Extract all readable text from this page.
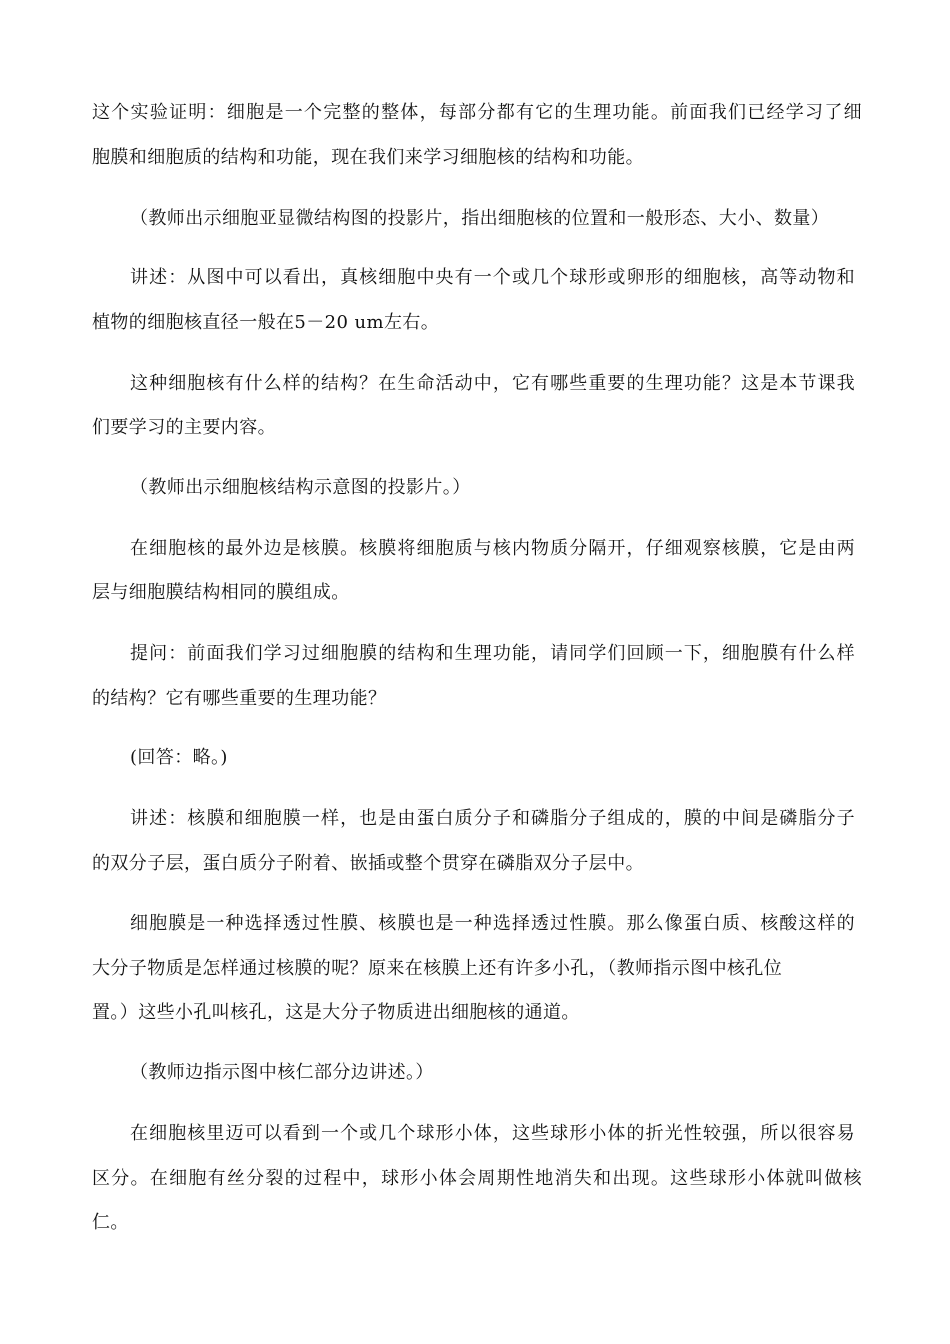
这个实验证明：细胞是一个完整的整体，每部分都有它的生理功能。前面我们已经学习了细
胞膜和细胞质的结构和功能，现在我们来学习细胞核的结构和功能。
（教师出示细胞亚显微结构图的投影片，指出细胞核的位置和一般形态、大小、数量）
讲述：从图中可以看出，真核细胞中央有一个或几个球形或卵形的细胞核，高等动物和
植物的细胞核直径一般在5－20 um左右。
这种细胞核有什么样的结构？在生命活动中，它有哪些重要的生理功能？这是本节课我
们要学习的主要内容。
（教师出示细胞核结构示意图的投影片。）
在细胞核的最外边是核膜。核膜将细胞质与核内物质分隔开，仔细观察核膜，它是由两
层与细胞膜结构相同的膜组成。
提问：前面我们学习过细胞膜的结构和生理功能，请同学们回顾一下，细胞膜有什么样
的结构？它有哪些重要的生理功能？
(回答：略。)
讲述：核膜和细胞膜一样，也是由蛋白质分子和磷脂分子组成的，膜的中间是磷脂分子
的双分子层，蛋白质分子附着、嵌插或整个贯穿在磷脂双分子层中。
细胞膜是一种选择透过性膜、核膜也是一种选择透过性膜。那么像蛋白质、核酸这样的
大分子物质是怎样通过核膜的呢？原来在核膜上还有许多小孔，（教师指示图中核孔位
置。）这些小孔叫核孔，这是大分子物质进出细胞核的通道。
（教师边指示图中核仁部分边讲述。）
在细胞核里迈可以看到一个或几个球形小体，这些球形小体的折光性较强，所以很容易
区分。在细胞有丝分裂的过程中，球形小体会周期性地消失和出现。这些球形小体就叫做核
仁。
